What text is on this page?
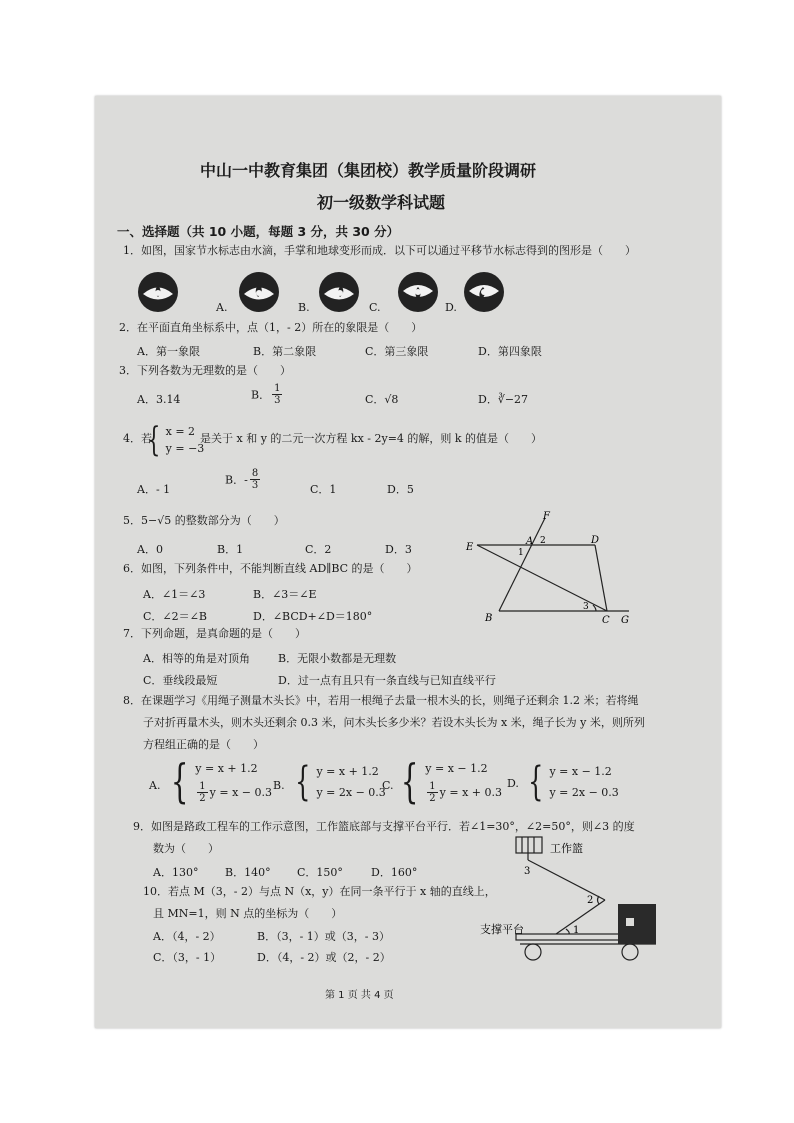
中山一中教育集团（集团校）教学质量阶段调研
初一级数学科试题
一、选择题（共 10 小题，每题 3 分，共 30 分）
1．如图，国家节水标志由水滴，手掌和地球变形而成．以下可以通过平移节水标志得到的图形是（　　）
A.	B.	C.	D.
2．在平面直角坐标系中，点（1，- 2）所在的象限是（　　）
A．第一象限	B．第二象限	C．第三象限	D．第四象限
3．下列各数为无理数的是（　　）
A．3.14	B． $\frac{1}{3}$	C．√8	D．∛−27
4．若
{ x = 2
y = −3
是关于 x 和 y 的二元一次方程 kx - 2y=4 的解，则 k 的值是（　　）
A．- 1
B．- $\frac{8}{3}$	C．1	D．5
5．5−√5 的整数部分为（　　）
A．0	B．1	C．2	D．3
6．如图，下列条件中，不能判断直线 AD∥BC 的是（　　）
A．∠1＝∠3	B．∠3＝∠E
C．∠2＝∠B	D．∠BCD+∠D＝180°
F
A 2	D
E	1
B
3
C G
7．下列命题，是真命题的是（　　）
A．相等的角是对顶角	B．无限小数都是无理数
C．垂线段最短	D．过一点有且只有一条直线与已知直线平行
8．在课题学习《用绳子测量木头长》中，若用一根绳子去量一根木头的长，则绳子还剩余 1.2 米；若将绳
子对折再量木头，则木头还剩余 0.3 米，问木头长多少米？若设木头长为 x 米，绳子长为 y 米，则所列
方程组正确的是（　　）
A. { y = x + 1.2
$\frac{1}{2}$ y = x − 0.3 B. { y = x + 1.2
y = 2x − 0.3
C. { y = x − 1.2
$\frac{1}{2}$ y = x + 0.3
D. { y = x − 1.2
y = 2x − 0.3
9．如图是路政工程车的工作示意图，工作篮底部与支撑平台平行．若∠1=30°，∠2=50°，则∠3 的度
数为（　　）
A．130° B．140° C．150°	D．160°
10．若点 M（3，- 2）与点 N（x，y）在同一条平行于 x 轴的直线上，
且 MN=1，则 N 点的坐标为（　　）
A．（4，- 2）	B．（3，- 1）或（3，- 3）
C．（3，- 1）	D．（4，- 2）或（2，- 2）
工作篮
3
2
支撑平台	1
第 1 页 共 4 页
